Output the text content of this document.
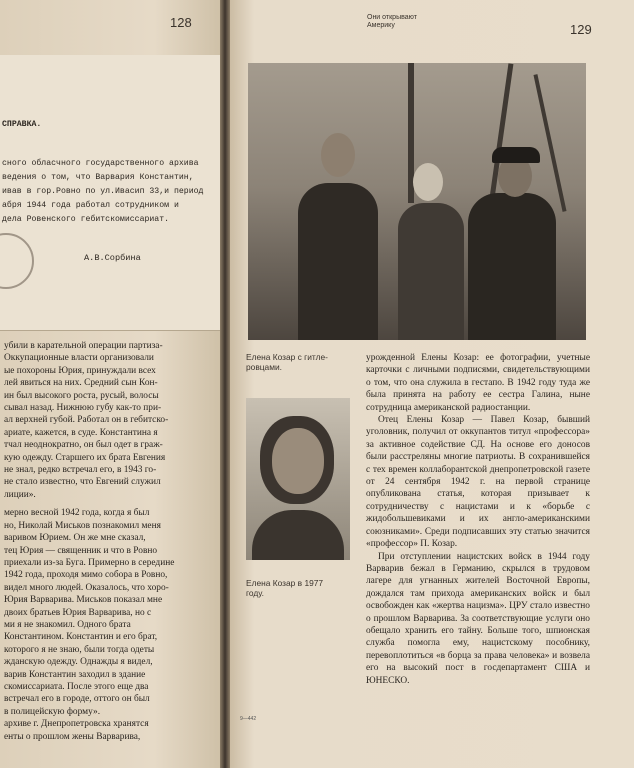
128
СПРАВКА.
сного обласчного государственного архива
ведения о том, что Варвария Константин,
ивав в гор.Ровно по ул.Ивасип 33,и период
абря 1944 года работал сотрудником и
дела Ровенского гебитскомиссариат.
А.В.Сорбина
убили в карательной операции партиза-
Оккупационные власти организовали
ые похороны Юрия, принуждали всех
лей явиться на них. Средний сын Кон-
ин был высокого роста, русый, волосы
сывал назад. Нижнюю губу как-то при-
ал верхней губой. Работал он в гебитско-
ариате, кажется, в суде. Константина я
тчал неоднократно, он был одет в граж-
кую одежду. Старшего их брата Евгения
не знал, редко встречал его, в 1943 го-
не стало известно, что Евгений служил
лиции».
мерно весной 1942 года, когда я был
но, Николай Миськов познакомил меня
варивом Юрием. Он же мне сказал,
тец Юрия — священник и что в Ровно
приехали из-за Буга. Примерно в середине
1942 года, проходя мимо собора в Ровно,
видел много людей. Оказалось, что хоро-
Юрия Варварива. Миськов показал мне
двоих братьев Юрия Варварива, но с
ми я не знакомил. Одного брата
Константином. Константин и его брат,
которого я не знаю, были тогда одеты
жданскую одежду. Однажды я видел,
варив Константин заходил в здание
скомиссариата. После этого еще два
встречал его в городе, оттого он был
в полицейскую форму».
архиве г. Днепропетровска хранятся
енты о прошлом жены Варварива,
Они открывают
Америку	129
Елена Козар с гитле-
ровцами.
Елена Козар в 1977
году.

урожденной Елены Козар: ее фотографии, учетные карточки с личными подписями, свидетельствующими о том, что она служила в гестапо. В 1942 году туда же была принята на работу ее сестра Галина, ныне сотрудница американской радиостанции.

Отец Елены Козар — Павел Козар, бывший уголовник, получил от оккупантов титул «профессора» за активное содействие СД. На основе его доносов были расстреляны многие патриоты. В сохранившейся с тех времен коллаборантской днепропетровской газете от 24 сентября 1942 г. на первой странице опубликована статья, которая призывает к сотрудничеству с нацистами и к «борьбе с жидобольшевиками и их англо-американскими союзниками». Среди подписавших эту статью значится «профессор» П. Козар.

При отступлении нацистских войск в 1944 году Варварив бежал в Германию, скрылся в трудовом лагере для угнанных жителей Восточной Европы, дождался там прихода американских войск и был освобожден как «жертва нацизма». ЦРУ стало известно о прошлом Варварива. За соответствующие услуги оно обещало хранить его тайну. Больше того, шпионская служба помогла ему, нацистскому пособнику, перевоплотиться «в борца за права человека» и возвела его на высокий пост в госдепартамент США и ЮНЕСКО.

9—442
